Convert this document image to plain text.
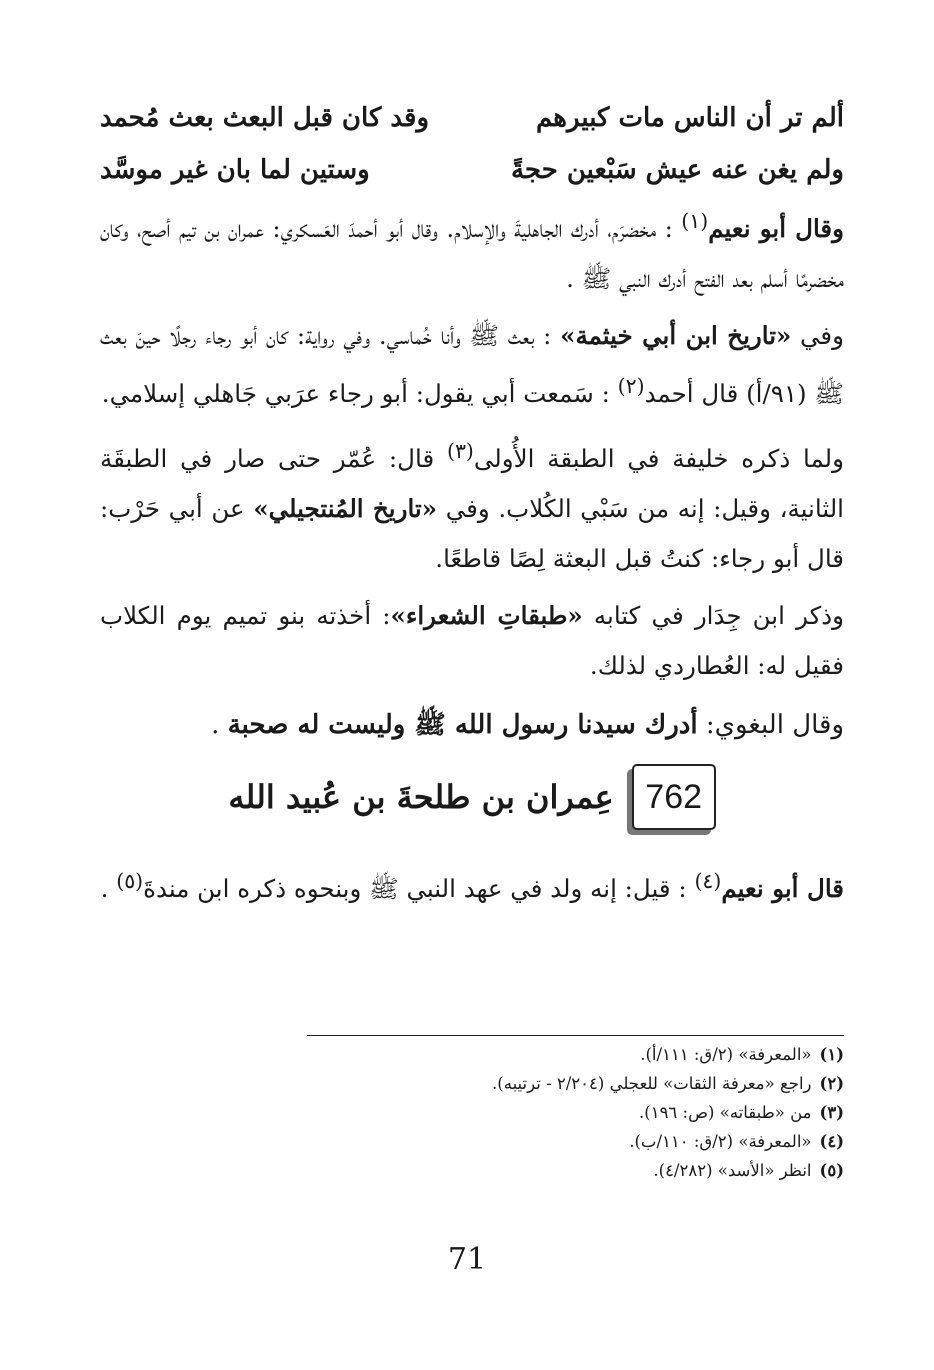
ألم تر أن الناس مات كبيرهم
وقد كان قبل البعث بعث مُحمد
ولم يغن عنه عيش سَبْعين حجةً
وستين لما بان غير موسَّد

وقال أبو نعيم$^{(١)}$ : مخضرَم، أدرك الجاهليةَ والإسلام. وقال أبو أحمدَ العَسكري: عمران بن تيم أصح، وكان مخضرمًا أسلم بعد الفتح أدرك النبي ﷺ .

وفي «تاريخ ابن أبي خيثمة» : بعث ﷺ وأنا خُماسي. وفي رواية: كان أبو رجاء رجلًا حينَ بعث ﷺ (٩١/أ) قال أحمد$^{(٢)}$ : سَمعت أبي يقول: أبو رجاء عرَبي جَاهلي إسلامي.

ولما ذكره خليفة في الطبقة الأُولى$^{(٣)}$ قال: عُمّر حتى صار في الطبقَة الثانية، وقيل: إنه من سَبْي الكُلاب. وفي «تاريخ المُنتجيلي» عن أبي حَرْب: قال أبو رجاء: كنتُ قبل البعثة لِصًا قاطعًا.

وذكر ابن جِدَار في كتابه «طبقاتِ الشعراء»: أخذته بنو تميم يوم الكلاب فقيل له: العُطاردي لذلك.

وقال البغوي: أدرك سيدنا رسول الله ﷺ وليست له صحبة .

762
عِمران بن طلحةَ بن عُبيد الله

قال أبو نعيم$^{(٤)}$ : قيل: إنه ولد في عهد النبي ﷺ وبنحوه ذكره ابن مندةَ$^{(٥)}$ .

(١)«المعرفة» (٢/ق: ١١١/أ).
(٢)راجع «معرفة الثقات» للعجلي (٢/٢٠٤ - ترتيبه).
(٣)من «طبقاته» (ص: ١٩٦).
(٤)«المعرفة» (٢/ق: ١١٠/ب).
(٥)انظر «الأسد» (٤/٢٨٢).
71
